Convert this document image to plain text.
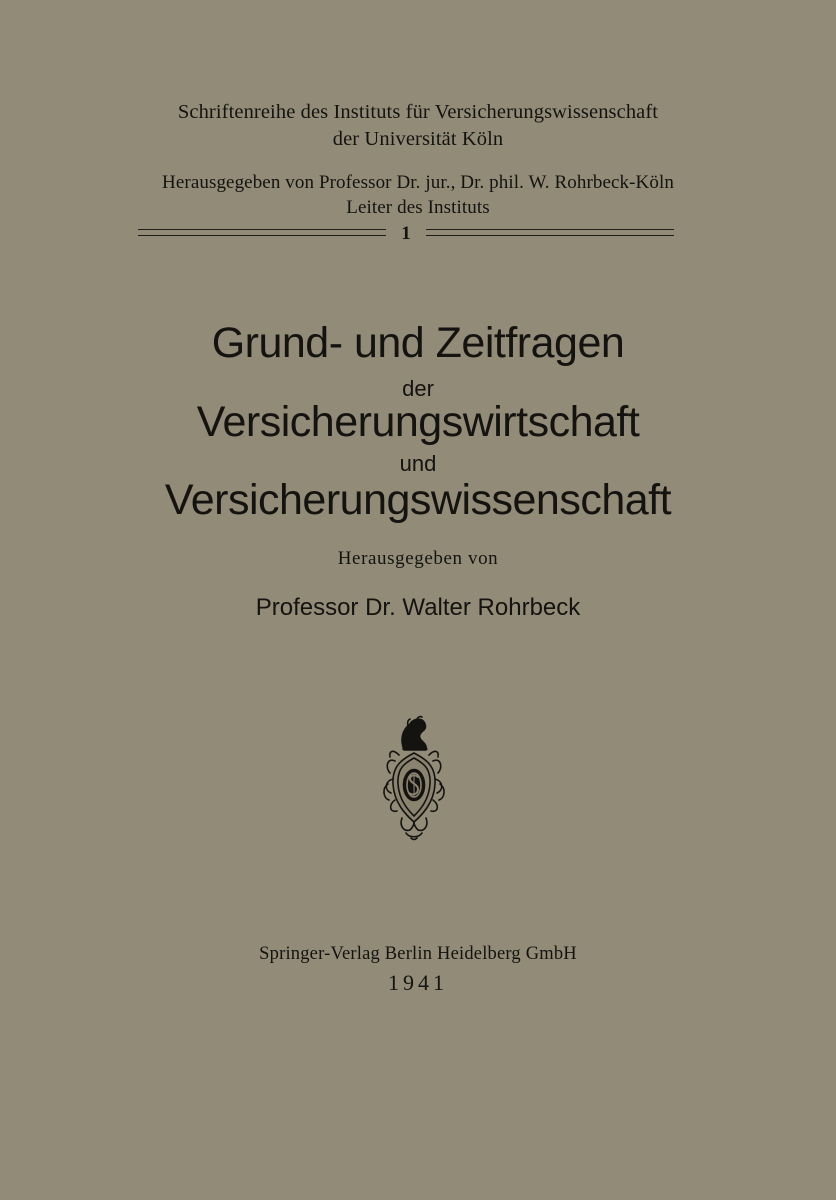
Schriftenreihe des Instituts für Versicherungswissenschaft
der Universität Köln
Herausgegeben von Professor Dr. jur., Dr. phil. W. Rohrbeck-Köln
Leiter des Instituts
1
Grund- und Zeitfragen
der
Versicherungswirtschaft
und
Versicherungswissenschaft
Herausgegeben von
Professor Dr. Walter Rohrbeck
Springer-Verlag Berlin Heidelberg GmbH
1941
